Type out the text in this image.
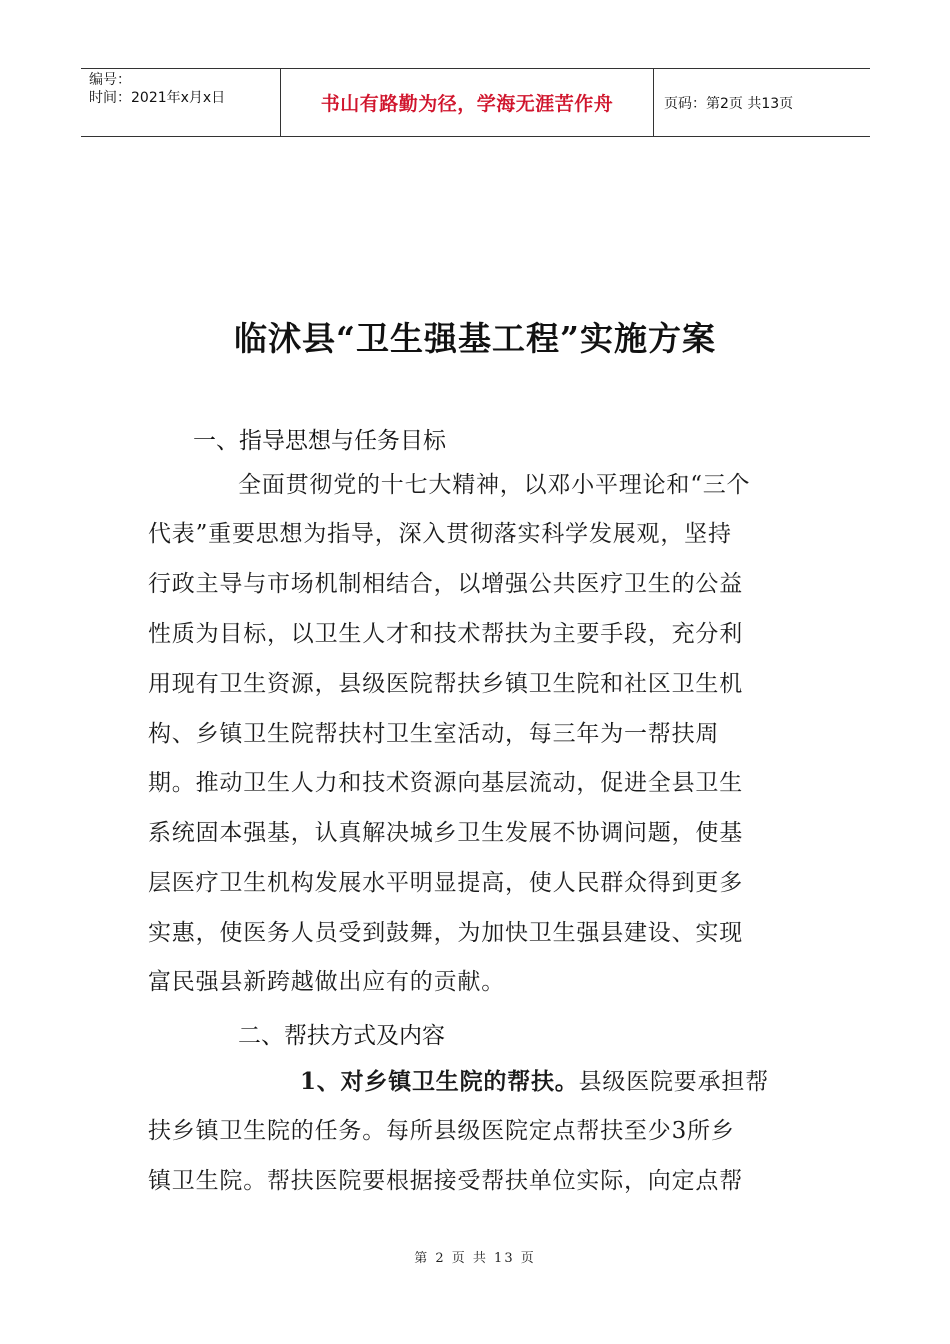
编号：
时间：2021年x月x日	书山有路勤为径，学海无涯苦作舟	页码：第2页 共13页
临沭县“卫生强基工程”实施方案
一、指导思想与任务目标
全面贯彻党的十七大精神，以邓小平理论和“三个
代表”重要思想为指导，深入贯彻落实科学发展观，坚持
行政主导与市场机制相结合，以增强公共医疗卫生的公益
性质为目标，以卫生人才和技术帮扶为主要手段，充分利
用现有卫生资源，县级医院帮扶乡镇卫生院和社区卫生机
构、乡镇卫生院帮扶村卫生室活动，每三年为一帮扶周
期。推动卫生人力和技术资源向基层流动，促进全县卫生
系统固本强基，认真解决城乡卫生发展不协调问题，使基
层医疗卫生机构发展水平明显提高，使人民群众得到更多
实惠，使医务人员受到鼓舞，为加快卫生强县建设、实现
富民强县新跨越做出应有的贡献。
二、帮扶方式及内容
1、对乡镇卫生院的帮扶。县级医院要承担帮
扶乡镇卫生院的任务。每所县级医院定点帮扶至少3所乡
镇卫生院。帮扶医院要根据接受帮扶单位实际，向定点帮
第 2 页 共 13 页
